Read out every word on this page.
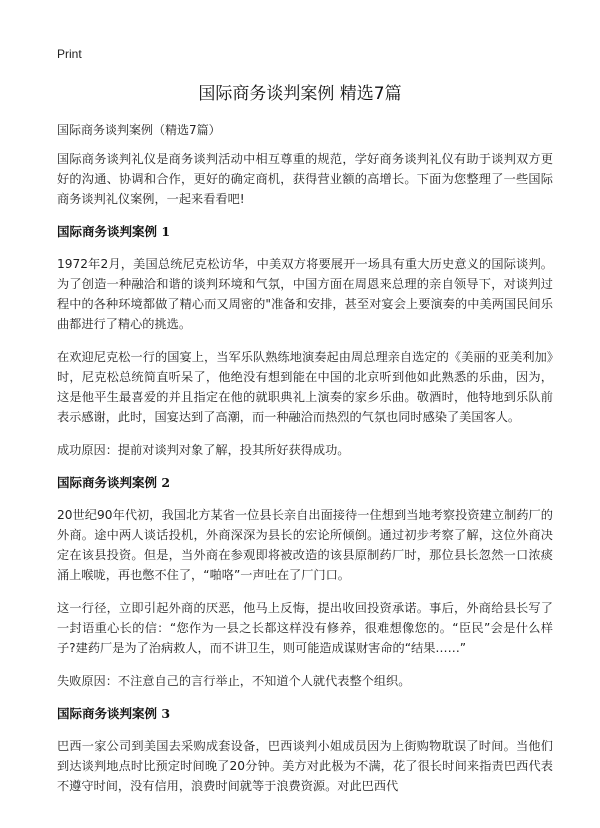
Print
国际商务谈判案例 精选7篇

国际商务谈判案例（精选7篇）

国际商务谈判礼仪是商务谈判活动中相互尊重的规范，学好商务谈判礼仪有助于谈判双方更好的沟通、协调和合作，更好的确定商机，获得营业额的高增长。下面为您整理了一些国际商务谈判礼仪案例，一起来看看吧!

国际商务谈判案例 1

1972年2月，美国总统尼克松访华，中美双方将要展开一场具有重大历史意义的国际谈判。为了创造一种融洽和谐的谈判环境和气氛，中国方面在周恩来总理的亲自领导下，对谈判过程中的各种环境都做了精心而又周密的"准备和安排，甚至对宴会上要演奏的中美两国民间乐曲都进行了精心的挑选。

在欢迎尼克松一行的国宴上，当军乐队熟练地演奏起由周总理亲自选定的《美丽的亚美利加》时，尼克松总统简直听呆了，他绝没有想到能在中国的北京听到他如此熟悉的乐曲，因为，这是他平生最喜爱的并且指定在他的就职典礼上演奏的家乡乐曲。敬酒时，他特地到乐队前表示感谢，此时，国宴达到了高潮，而一种融洽而热烈的气氛也同时感染了美国客人。

成功原因：提前对谈判对象了解，投其所好获得成功。

国际商务谈判案例 2

20世纪90年代初，我国北方某省一位县长亲自出面接待一住想到当地考察投资建立制药厂的外商。途中两人谈话投机，外商深深为县长的宏论所倾倒。通过初步考察了解，这位外商决定在该县投资。但是，当外商在参观即将被改造的该县原制药厂时，那位县长忽然一口浓痰涌上喉咙，再也憋不住了，“啪咯”一声吐在了厂门口。

这一行径，立即引起外商的厌恶，他马上反悔，提出收回投资承诺。事后，外商给县长写了一封语重心长的信：“您作为一县之长都这样没有修养，很难想像您的。“臣民”会是什么样子?建药厂是为了治病救人，而不讲卫生，则可能造成谋财害命的“结果……”

失败原因：不注意自己的言行举止，不知道个人就代表整个组织。

国际商务谈判案例 3

巴西一家公司到美国去采购成套设备，巴西谈判小姐成员因为上街购物耽误了时间。当他们到达谈判地点时比预定时间晚了20分钟。美方对此极为不满，花了很长时间来指责巴西代表不遵守时间，没有信用，浪费时间就等于浪费资源。对此巴西代
